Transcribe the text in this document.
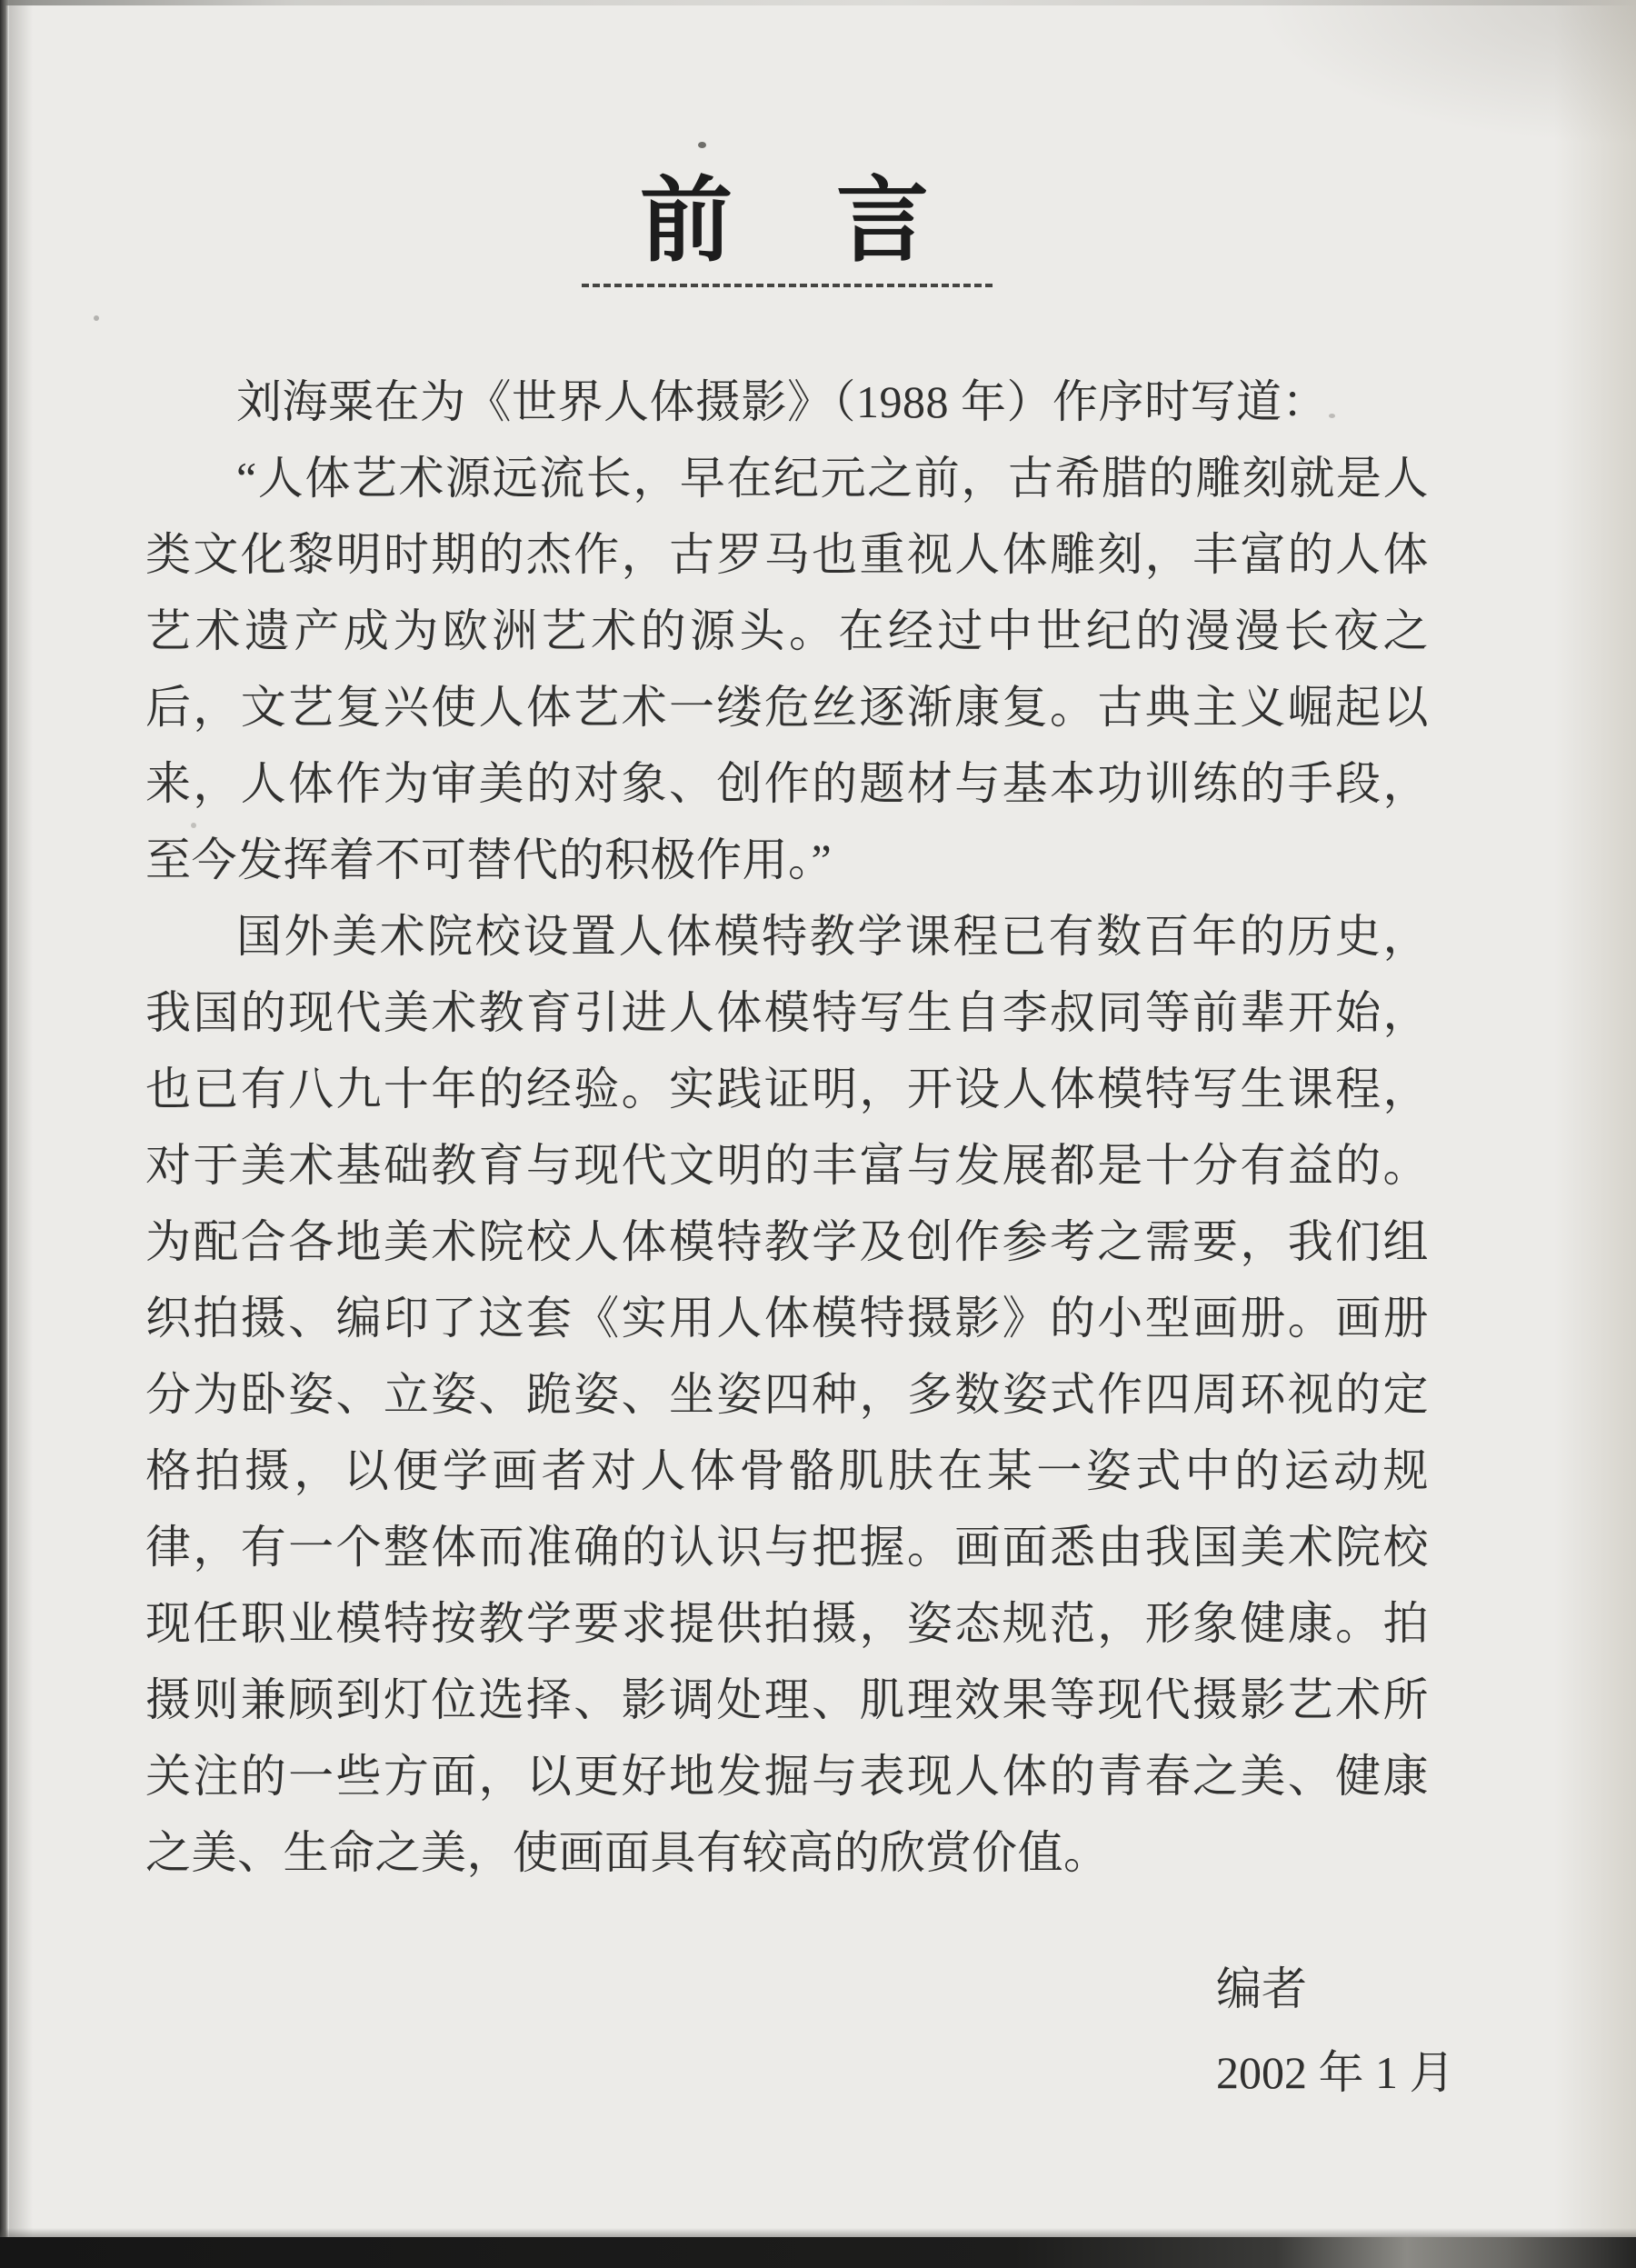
前　言

刘海粟在为《世界人体摄影》（1988 年）作序时写道：

“人体艺术源远流长，早在纪元之前，古希腊的雕刻就是人类文化黎明时期的杰作，古罗马也重视人体雕刻，丰富的人体艺术遗产成为欧洲艺术的源头。在经过中世纪的漫漫长夜之后，文艺复兴使人体艺术一缕危丝逐渐康复。古典主义崛起以来，人体作为审美的对象、创作的题材与基本功训练的手段，至今发挥着不可替代的积极作用。”

国外美术院校设置人体模特教学课程已有数百年的历史，我国的现代美术教育引进人体模特写生自李叔同等前辈开始，也已有八九十年的经验。实践证明，开设人体模特写生课程，对于美术基础教育与现代文明的丰富与发展都是十分有益的。为配合各地美术院校人体模特教学及创作参考之需要，我们组织拍摄、编印了这套《实用人体模特摄影》的小型画册。画册分为卧姿、立姿、跪姿、坐姿四种，多数姿式作四周环视的定格拍摄，以便学画者对人体骨骼肌肤在某一姿式中的运动规律，有一个整体而准确的认识与把握。画面悉由我国美术院校现任职业模特按教学要求提供拍摄，姿态规范，形象健康。拍摄则兼顾到灯位选择、影调处理、肌理效果等现代摄影艺术所关注的一些方面，以更好地发掘与表现人体的青春之美、健康之美、生命之美，使画面具有较高的欣赏价值。

编者
2002 年 1 月
